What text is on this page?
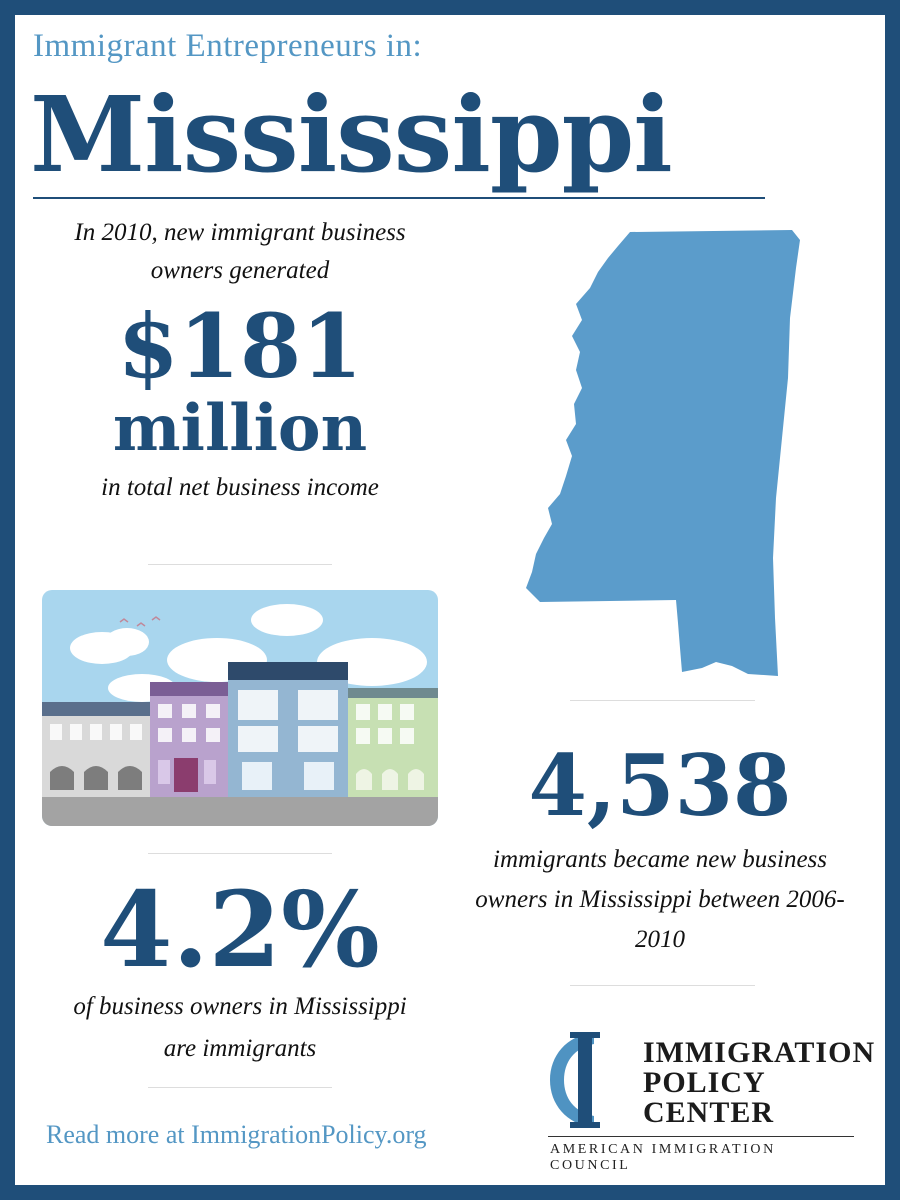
Immigrant Entrepreneurs in:
Mississippi
In 2010, new immigrant business owners generated
$181
million
in total net business income
4,538
immigrants became new business owners in Mississippi between 2006-2010
4.2%
of business owners in Mississippi are immigrants
Read more at ImmigrationPolicy.org
IMMIGRATION
POLICY
CENTER
AMERICAN IMMIGRATION COUNCIL
